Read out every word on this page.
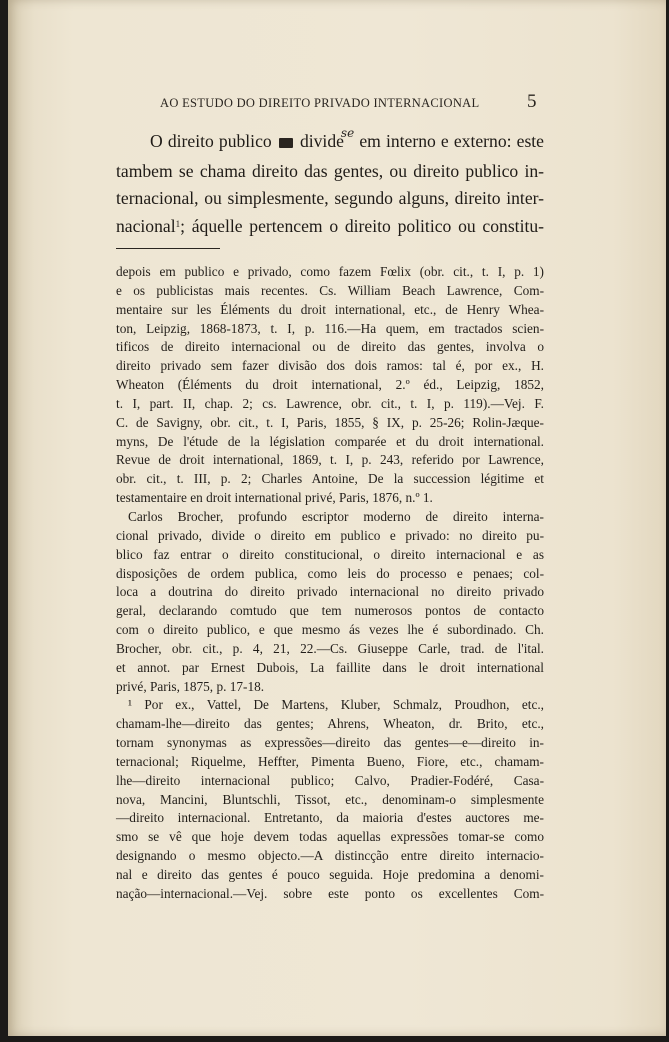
AO ESTUDO DO DIREITO PRIVADO INTERNACIONAL	5
O direito publico  divide$^{se}$ em interno e externo: este
tambem se chama direito das gentes, ou direito publico in-
ternacional, ou simplesmente, segundo alguns, direito inter-
nacional$^1$; áquelle pertencem o direito politico ou constitu-
depois em publico e privado, como fazem Fœlix (obr. cit., t. I, p. 1)
e os publicistas mais recentes. Cs. William Beach Lawrence, Com-
mentaire sur les Éléments du droit international, etc., de Henry Whea-
ton, Leipzig, 1868-1873, t. I, p. 116.—Ha quem, em tractados scien-
tificos de direito internacional ou de direito das gentes, involva o
direito privado sem fazer divisão dos dois ramos: tal é, por ex., H.
Wheaton (Éléments du droit international, 2.º éd., Leipzig, 1852,
t. I, part. II, chap. 2; cs. Lawrence, obr. cit., t. I, p. 119).—Vej. F.
C. de Savigny, obr. cit., t. I, Paris, 1855, § IX, p. 25-26; Rolin-Jæque-
myns, De l'étude de la législation comparée et du droit international.
Revue de droit international, 1869, t. I, p. 243, referido por Lawrence,
obr. cit., t. III, p. 2; Charles Antoine, De la succession légitime et
testamentaire en droit international privé, Paris, 1876, n.º 1.
Carlos Brocher, profundo escriptor moderno de direito interna-
cional privado, divide o direito em publico e privado: no direito pu-
blico faz entrar o direito constitucional, o direito internacional e as
disposições de ordem publica, como leis do processo e penaes; col-
loca a doutrina do direito privado internacional no direito privado
geral, declarando comtudo que tem numerosos pontos de contacto
com o direito publico, e que mesmo ás vezes lhe é subordinado. Ch.
Brocher, obr. cit., p. 4, 21, 22.—Cs. Giuseppe Carle, trad. de l'ital.
et annot. par Ernest Dubois, La faillite dans le droit international
privé, Paris, 1875, p. 17-18.
¹ Por ex., Vattel, De Martens, Kluber, Schmalz, Proudhon, etc.,
chamam-lhe—direito das gentes; Ahrens, Wheaton, dr. Brito, etc.,
tornam synonymas as expressões—direito das gentes—e—direito in-
ternacional; Riquelme, Heffter, Pimenta Bueno, Fiore, etc., chamam-
lhe—direito internacional publico; Calvo, Pradier-Fodéré, Casa-
nova, Mancini, Bluntschli, Tissot, etc., denominam-o simplesmente
—direito internacional. Entretanto, da maioria d'estes auctores me-
smo se vê que hoje devem todas aquellas expressões tomar-se como
designando o mesmo objecto.—A distincção entre direito internacio-
nal e direito das gentes é pouco seguida. Hoje predomina a denomi-
nação—internacional.—Vej. sobre este ponto os excellentes Com-
